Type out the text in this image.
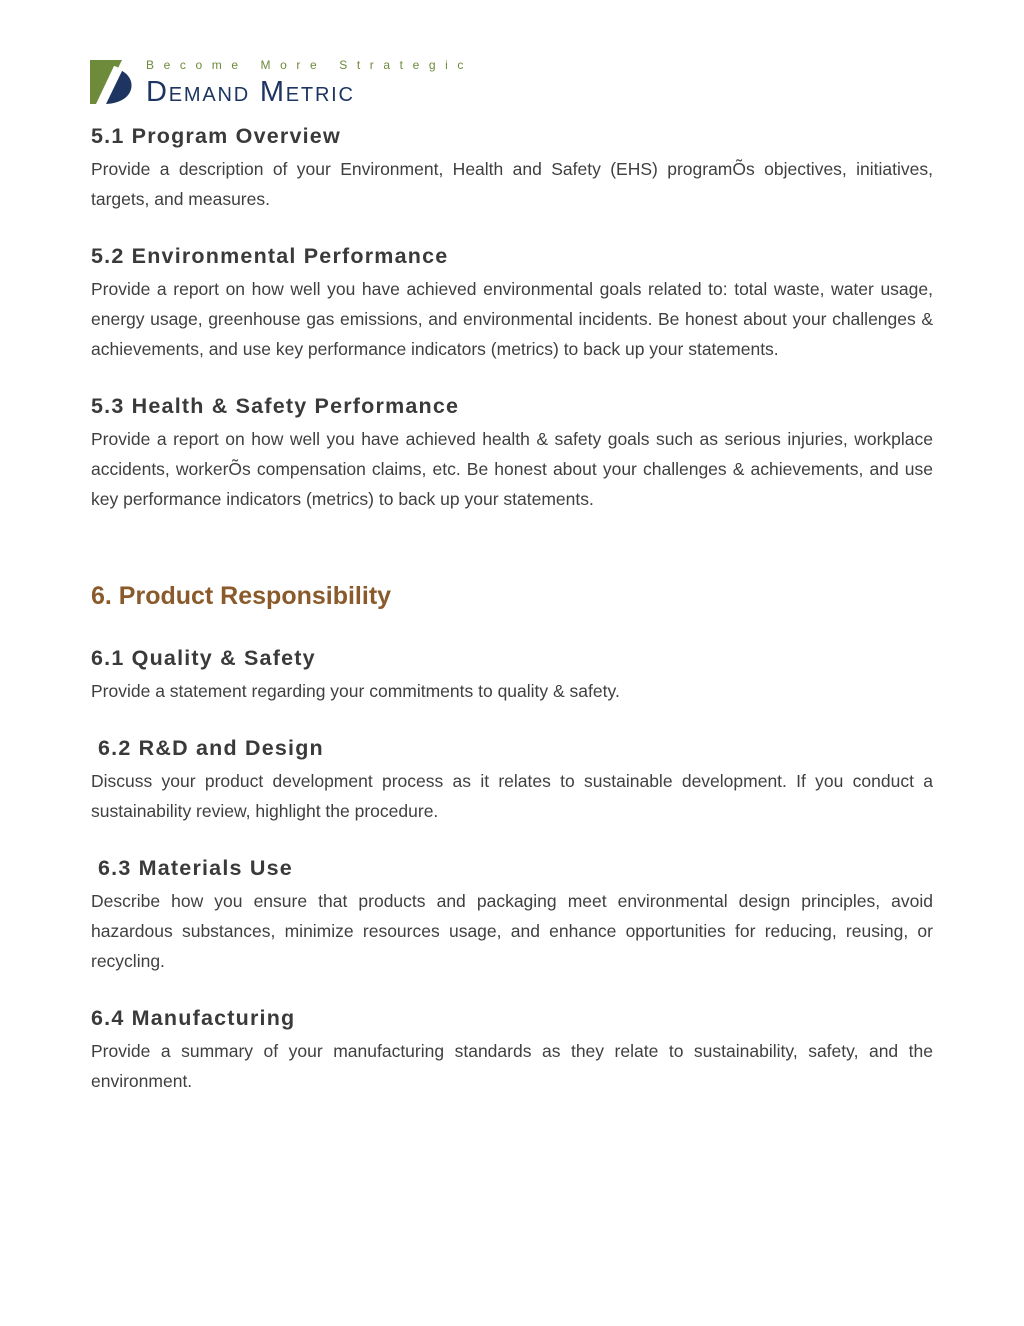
Become More Strategic
Demand Metric
5.1 Program Overview

Provide a description of your Environment, Health and Safety (EHS) programÕs objectives, initiatives, targets, and measures.

5.2 Environmental Performance

Provide a report on how well you have achieved environmental goals related to: total waste, water usage, energy usage, greenhouse gas emissions, and environmental incidents. Be honest about your challenges & achievements, and use key performance indicators (metrics) to back up your statements.

5.3 Health & Safety Performance

Provide a report on how well you have achieved health & safety goals such as serious injuries, workplace accidents, workerÕs compensation claims, etc. Be honest about your challenges & achievements, and use key performance indicators (metrics) to back up your statements.

6. Product Responsibility
6.1 Quality & Safety

Provide a statement regarding your commitments to quality & safety.

6.2 R&D and Design

Discuss your product development process as it relates to sustainable development. If you conduct a sustainability review, highlight the procedure.

6.3 Materials Use

Describe how you ensure that products and packaging meet environmental design principles, avoid hazardous substances, minimize resources usage, and enhance opportunities for reducing, reusing, or recycling.

6.4 Manufacturing

Provide a summary of your manufacturing standards as they relate to sustainability, safety, and the environment.
